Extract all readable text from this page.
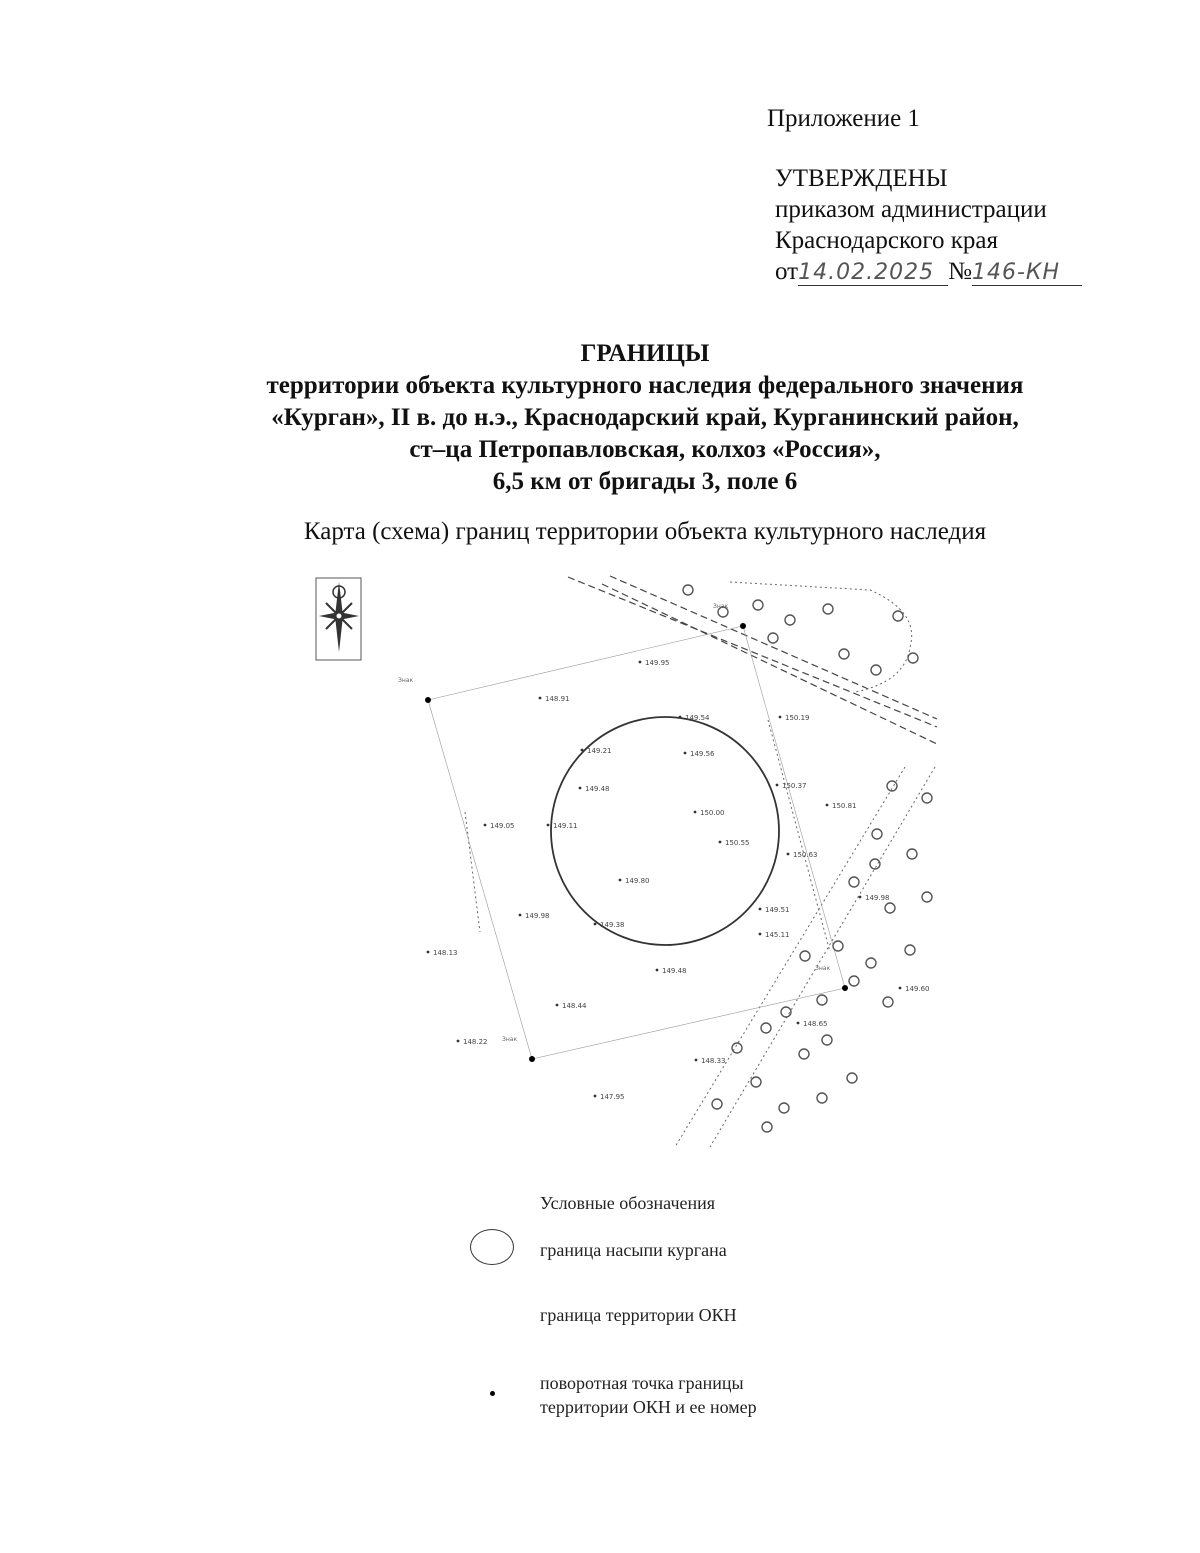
Приложение 1
УТВЕРЖДЕНЫ
приказом администрации
Краснодарского края
от14.02.2025 №146-КН
ГРАНИЦЫ
территории объекта культурного наследия федерального значения
«Курган», II в. до н.э., Краснодарский край, Курганинский район,
ст–ца Петропавловская, колхоз «Россия»,
6,5 км от бригады 3, поле 6
Карта (схема) границ территории объекта культурного наследия
149.95
148.91
149.54	150.19
149.21	149.56
149.48	150.37
150.81
149.05	149.11
150.00
150.55
150.63
149.80
149.98
149.51
149.98
149.38
145.11
148.13
149.48
149.60
148.44
148.65
148.22
148.33
147.95
Знак
Знак
Знак
Знак
Условные обозначения
граница насыпи кургана
граница территории ОКН
поворотная точка границы
территории ОКН и ее номер
